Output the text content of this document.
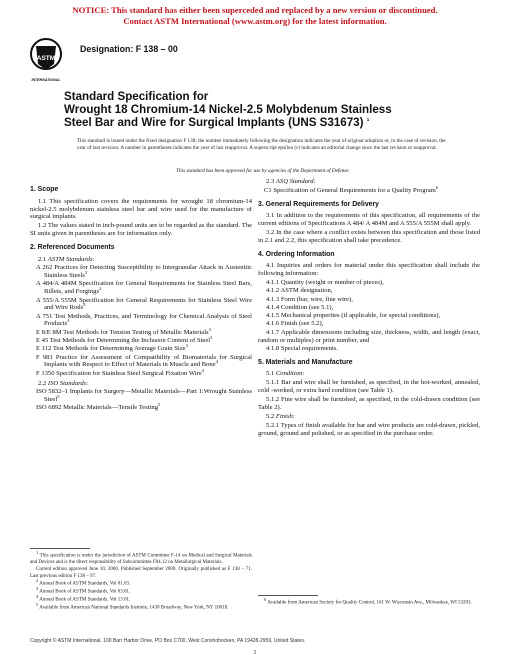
NOTICE: This standard has either been superceded and replaced by a new version or discontinued.
Contact ASTM International (www.astm.org) for the latest information.
ASTM
INTERNATIONAL
Designation: F 138 – 00
Standard Specification for
Wrought 18 Chromium-14 Nickel-2.5 Molybdenum Stainless
Steel Bar and Wire for Surgical Implants (UNS S31673) $^1$
This standard is issued under the fixed designation F 138; the number immediately following the designation indicates the year of original adoption or, in the case of revision, the year of last revision. A number in parentheses indicates the year of last reapproval. A superscript epsilon (ε) indicates an editorial change since the last revision or reapproval.
This standard has been approved for use by agencies of the Department of Defense.
1. Scope

1.1 This specification covers the requirements for wrought 18 chromium-14 nickel-2.5 molybdenum stainless steel bar and wire used for the manufacture of surgical implants.

1.2 The values stated in inch-pound units are to be regarded as the standard. The SI units given in parentheses are for information only.

2. Referenced Documents
2.1 ASTM Standards:
A 262 Practices for Detecting Susceptibility to Intergranular Attack in Austenitic Stainless Steels$^2$
A 484/A 484M Specification for General Requirements for Stainless Steel Bars, Billets, and Forgings$^2$
A 555/A 555M Specification for General Requirements for Stainless Steel Wire and Wire Rods$^2$
A 751 Test Methods, Practices, and Terminology for Chemical Analysis of Steel Products$^2$
E 8/E 8M Test Methods for Tension Testing of Metallic Materials$^3$
E 45 Test Methods for Determining the Inclusion Content of Steel$^3$
E 112 Test Methods for Determining Average Grain Size$^3$
F 981 Practice for Assessment of Compatibility of Biomaterials for Surgical Implants with Respect to Effect of Materials in Muscle and Bone$^4$
F 1350 Specification for Stainless Steel Surgical Fixation Wire$^4$
2.2 ISO Standards:
ISO 5832–1 Implants for Surgery—Metallic Materials—Part 1:Wrought Stainless Steel$^5$
ISO 6892 Metallic Materials—Tensile Testing$^5$

$^1$ This specification is under the jurisdiction of ASTM Committee F-14 on Medical and Surgical Materials and Devices and is the direct responsibility of Subcommittee F04.12 on Metallurgical Materials.

Current edition approved June 10, 2000. Published September 2000. Originally published as F 138 – 71. Last previous edition F 138 – 97.

$^2$ Annual Book of ASTM Standards, Vol 01.03.

$^3$ Annual Book of ASTM Standards, Vol 03.01.

$^4$ Annual Book of ASTM Standards, Vol 13.01.

$^5$ Available from American National Standards Institute, 1430 Broadway, New York, NY 10018.

2.3 ASQ Standard:
C1 Specification of General Requirements for a Quality Program$^6$
3. General Requirements for Delivery

3.1 In addition to the requirements of this specification, all requirements of the current editions of Specifications A 484/ A 484M and A 555/A 555M shall apply.

3.2 In the case where a conflict exists between this specification and those listed in 2.1 and 2.2, this specification shall take precedence.

4. Ordering Information

4.1 Inquiries and orders for material under this specification shall include the following information:

4.1.1 Quantity (weight or number of pieces),
4.1.2 ASTM designation,
4.1.3 Form (bar, wire, fine wire),
4.1.4 Condition (see 5.1),
4.1.5 Mechanical properties (if applicable, for special conditions),
4.1.6 Finish (see 5.2),
4.1.7 Applicable dimensions including size, thickness, width, and length (exact, random or multiples) or print number, and
4.1.8 Special requirements.
5. Materials and Manufacture
5.1 Condition:

5.1.1 Bar and wire shall be furnished, as specified, in the hot-worked, annealed, cold -worked, or extra hard condition (see Table 1).

5.1.2 Fine wire shall be furnished, as specified, in the cold-drawn condition (see Table 2).

5.2 Finish:

5.2.1 Types of finish available for bar and wire products are cold-drawn, pickled, ground, ground and polished, or as specified in the purchase order.

$^6$ Available from American Society for Quality Control, 161 W. Wisconsin Ave., Milwaukee, WI 53203.

Copyright © ASTM International, 100 Barr Harbor Drive, PO Box C700, West Conshohocken, PA 19428-2959, United States.
1
